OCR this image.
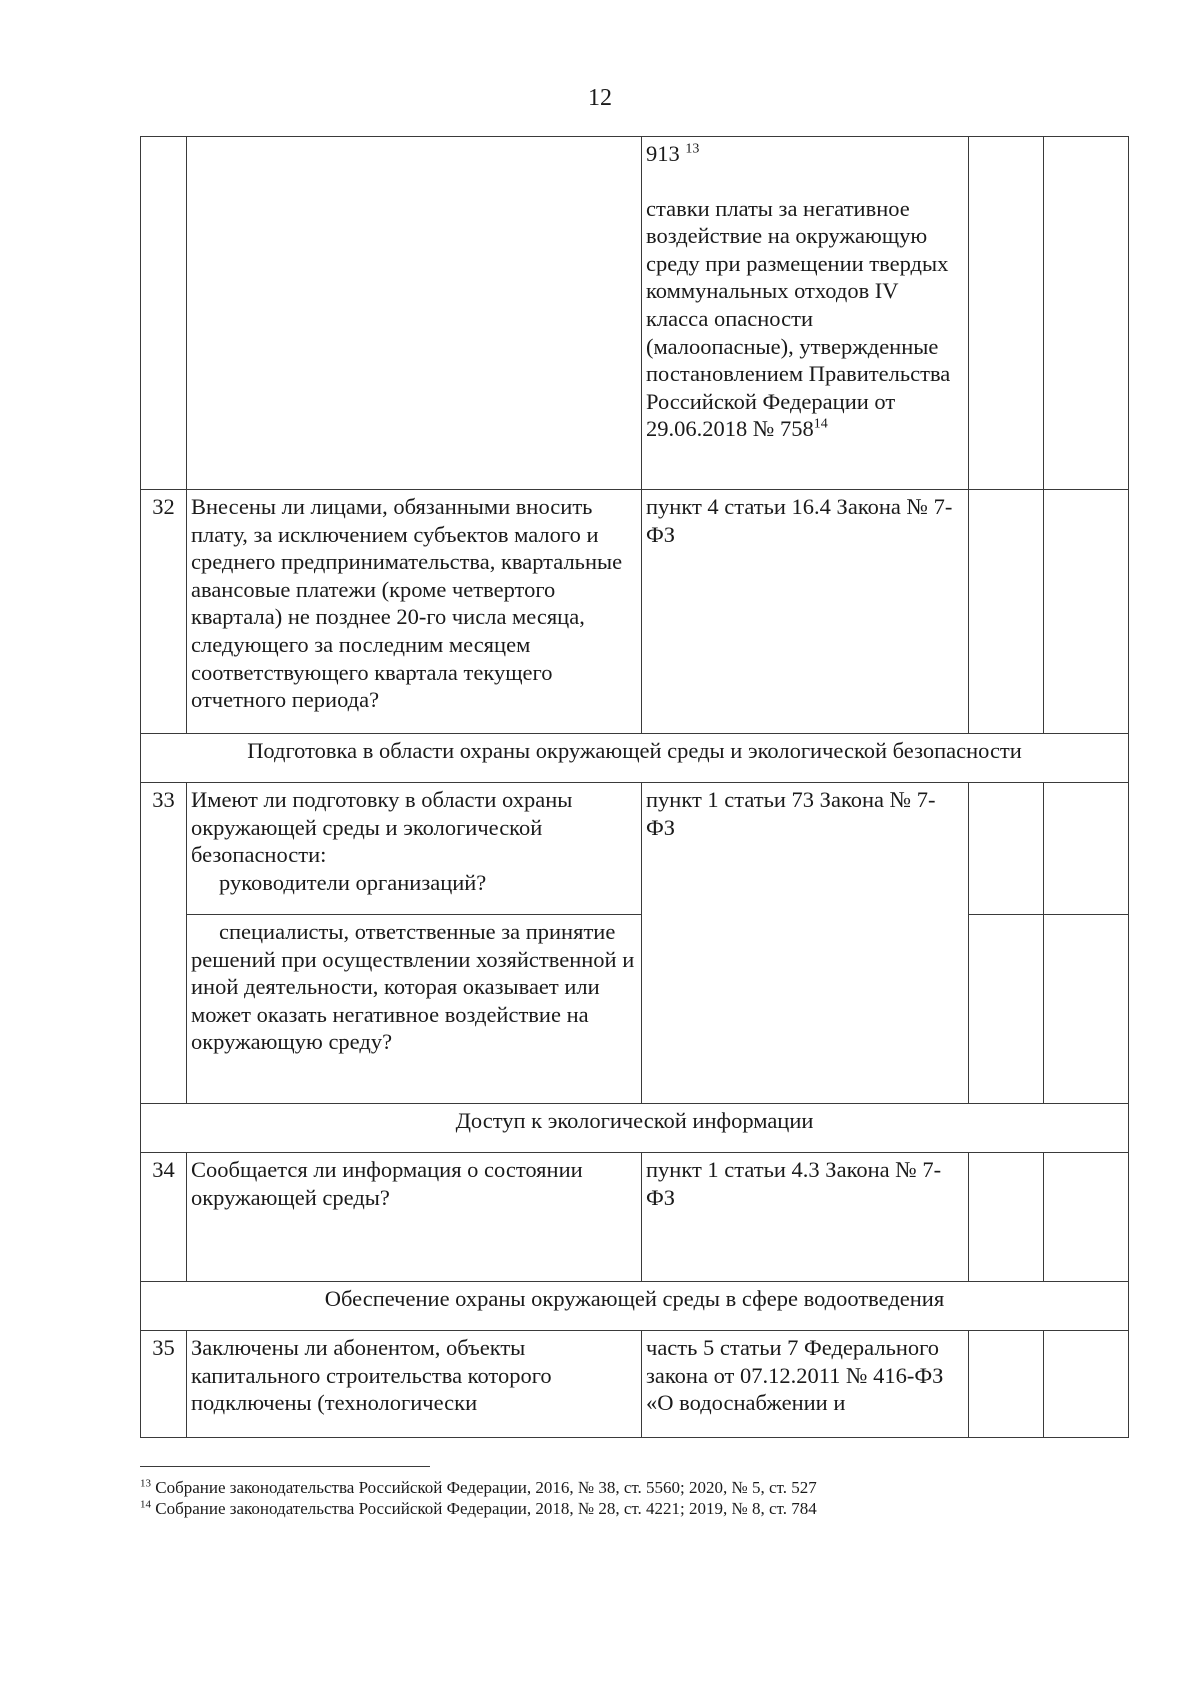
12
		913 $^{13}$
ставки платы за негативное воздействие на окружающую среду при размещении твердых коммунальных отходов IV класса опасности (малоопасные), утвержденные постановлением Правительства Российской Федерации от 29.06.2018 № $758^{14}$		
32	Внесены ли лицами, обязанными вносить плату, за исключением субъектов малого и среднего предпринимательства, квартальные авансовые платежи (кроме четвертого квартала) не позднее 20-го числа месяца, следующего за последним месяцем соответствующего квартала текущего отчетного периода?	пункт 4 статьи 16.4 Закона № 7-ФЗ		
Подготовка в области охраны окружающей среды и экологической безопасности				
33	Имеют ли подготовку в области охраны окружающей среды и экологической безопасности:
руководители организаций?	пункт 1 статьи 73 Закона № 7-ФЗ		
	специалисты, ответственные за принятие решений при осуществлении хозяйственной и иной деятельности, которая оказывает или может оказать негативное воздействие на окружающую среду?			
Доступ к экологической информации				
34	Сообщается ли информация о состоянии окружающей среды?	пункт 1 статьи 4.3 Закона № 7-ФЗ		
Обеспечение охраны окружающей среды в сфере водоотведения				
35	Заключены ли абонентом, объекты капитального строительства которого подключены (технологически	часть 5 статьи 7 Федерального закона от 07.12.2011 № 416-ФЗ «О водоснабжении и		
$^{13}$ Собрание законодательства Российской Федерации, 2016, № 38, ст. 5560; 2020, № 5, ст. 527
$^{14}$ Собрание законодательства Российской Федерации, 2018, № 28, ст. 4221; 2019, № 8, ст. 784
